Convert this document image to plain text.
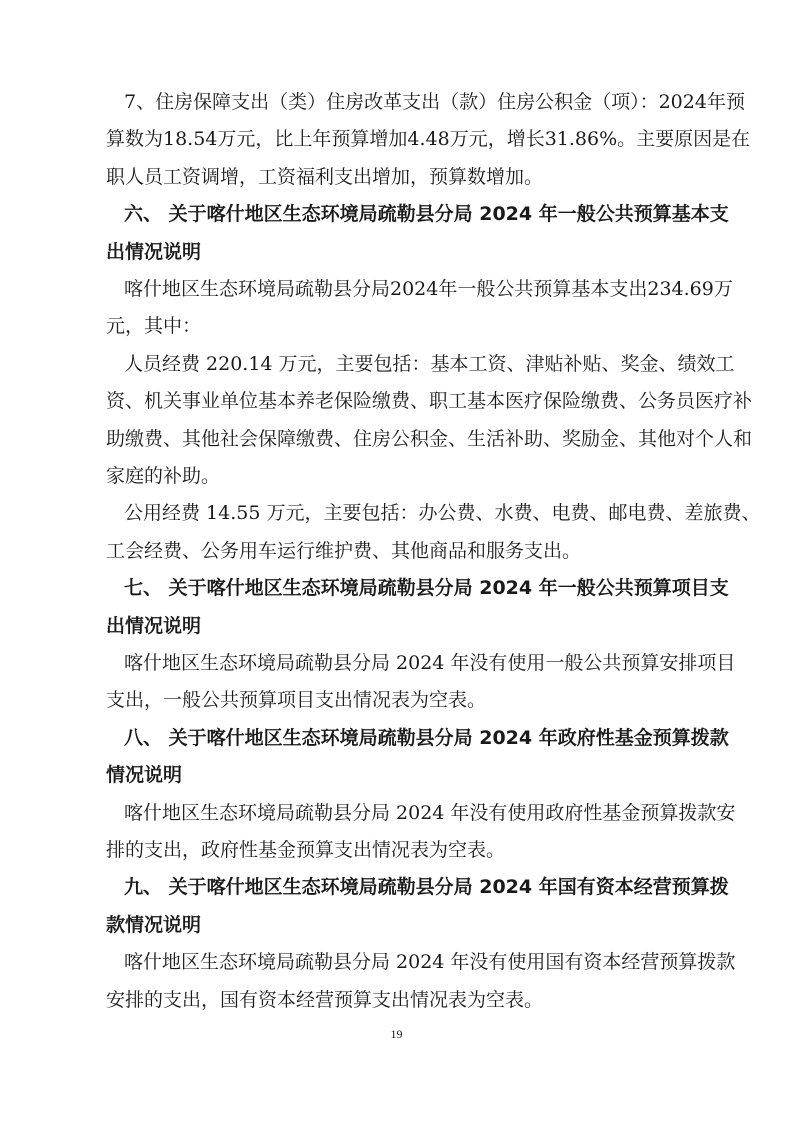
7、住房保障支出（类）住房改革支出（款）住房公积金（项）：2024年预
算数为18.54万元，比上年预算增加4.48万元，增长31.86%。主要原因是在
职人员工资调增，工资福利支出增加，预算数增加。
六、 关于喀什地区生态环境局疏勒县分局 2024 年一般公共预算基本支
出情况说明
喀什地区生态环境局疏勒县分局2024年一般公共预算基本支出234.69万
元，其中：
人员经费 220.14 万元，主要包括：基本工资、津贴补贴、奖金、绩效工
资、机关事业单位基本养老保险缴费、职工基本医疗保险缴费、公务员医疗补
助缴费、其他社会保障缴费、住房公积金、生活补助、奖励金、其他对个人和
家庭的补助。
公用经费 14.55 万元，主要包括：办公费、水费、电费、邮电费、差旅费、
工会经费、公务用车运行维护费、其他商品和服务支出。
七、 关于喀什地区生态环境局疏勒县分局 2024 年一般公共预算项目支
出情况说明
喀什地区生态环境局疏勒县分局 2024 年没有使用一般公共预算安排项目
支出，一般公共预算项目支出情况表为空表。
八、 关于喀什地区生态环境局疏勒县分局 2024 年政府性基金预算拨款
情况说明
喀什地区生态环境局疏勒县分局 2024 年没有使用政府性基金预算拨款安
排的支出，政府性基金预算支出情况表为空表。
九、 关于喀什地区生态环境局疏勒县分局 2024 年国有资本经营预算拨
款情况说明
喀什地区生态环境局疏勒县分局 2024 年没有使用国有资本经营预算拨款
安排的支出，国有资本经营预算支出情况表为空表。
19
